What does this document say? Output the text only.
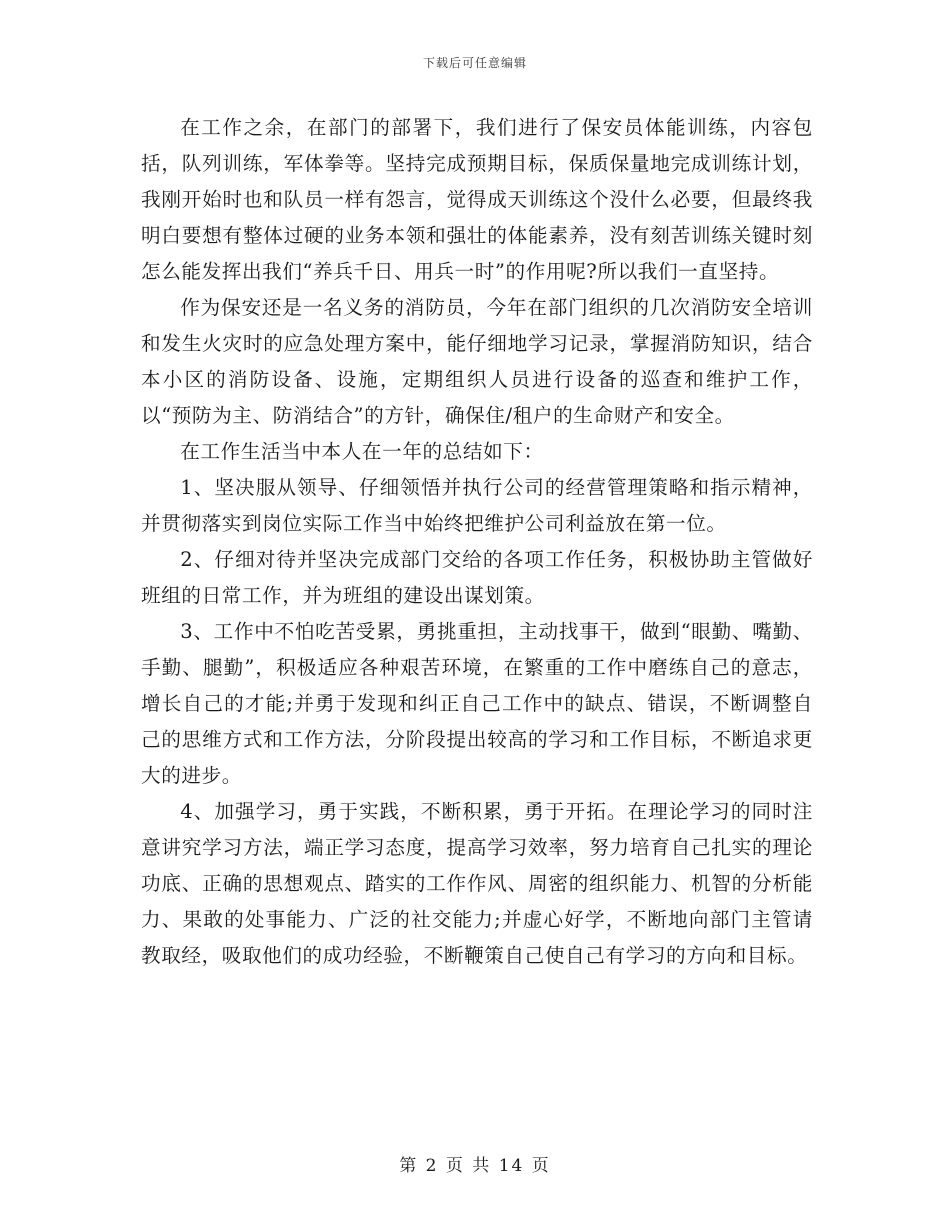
下载后可任意编辑

在工作之余，在部门的部署下，我们进行了保安员体能训练，内容包括，队列训练，军体拳等。坚持完成预期目标，保质保量地完成训练计划，我刚开始时也和队员一样有怨言，觉得成天训练这个没什么必要，但最终我明白要想有整体过硬的业务本领和强壮的体能素养，没有刻苦训练关键时刻怎么能发挥出我们“养兵千日、用兵一时”的作用呢?所以我们一直坚持。

作为保安还是一名义务的消防员，今年在部门组织的几次消防安全培训和发生火灾时的应急处理方案中，能仔细地学习记录，掌握消防知识，结合本小区的消防设备、设施，定期组织人员进行设备的巡查和维护工作，以“预防为主、防消结合”的方针，确保住/租户的生命财产和安全。

在工作生活当中本人在一年的总结如下：

1、坚决服从领导、仔细领悟并执行公司的经营管理策略和指示精神，并贯彻落实到岗位实际工作当中始终把维护公司利益放在第一位。

2、仔细对待并坚决完成部门交给的各项工作任务，积极协助主管做好班组的日常工作，并为班组的建设出谋划策。

3、工作中不怕吃苦受累，勇挑重担，主动找事干，做到“眼勤、嘴勤、手勤、腿勤”，积极适应各种艰苦环境，在繁重的工作中磨练自己的意志，增长自己的才能;并勇于发现和纠正自己工作中的缺点、错误，不断调整自己的思维方式和工作方法，分阶段提出较高的学习和工作目标，不断追求更大的进步。

4、加强学习，勇于实践，不断积累，勇于开拓。在理论学习的同时注意讲究学习方法，端正学习态度，提高学习效率，努力培育自己扎实的理论功底、正确的思想观点、踏实的工作作风、周密的组织能力、机智的分析能力、果敢的处事能力、广泛的社交能力;并虚心好学，不断地向部门主管请教取经，吸取他们的成功经验，不断鞭策自己使自己有学习的方向和目标。

第 2 页 共 14 页
